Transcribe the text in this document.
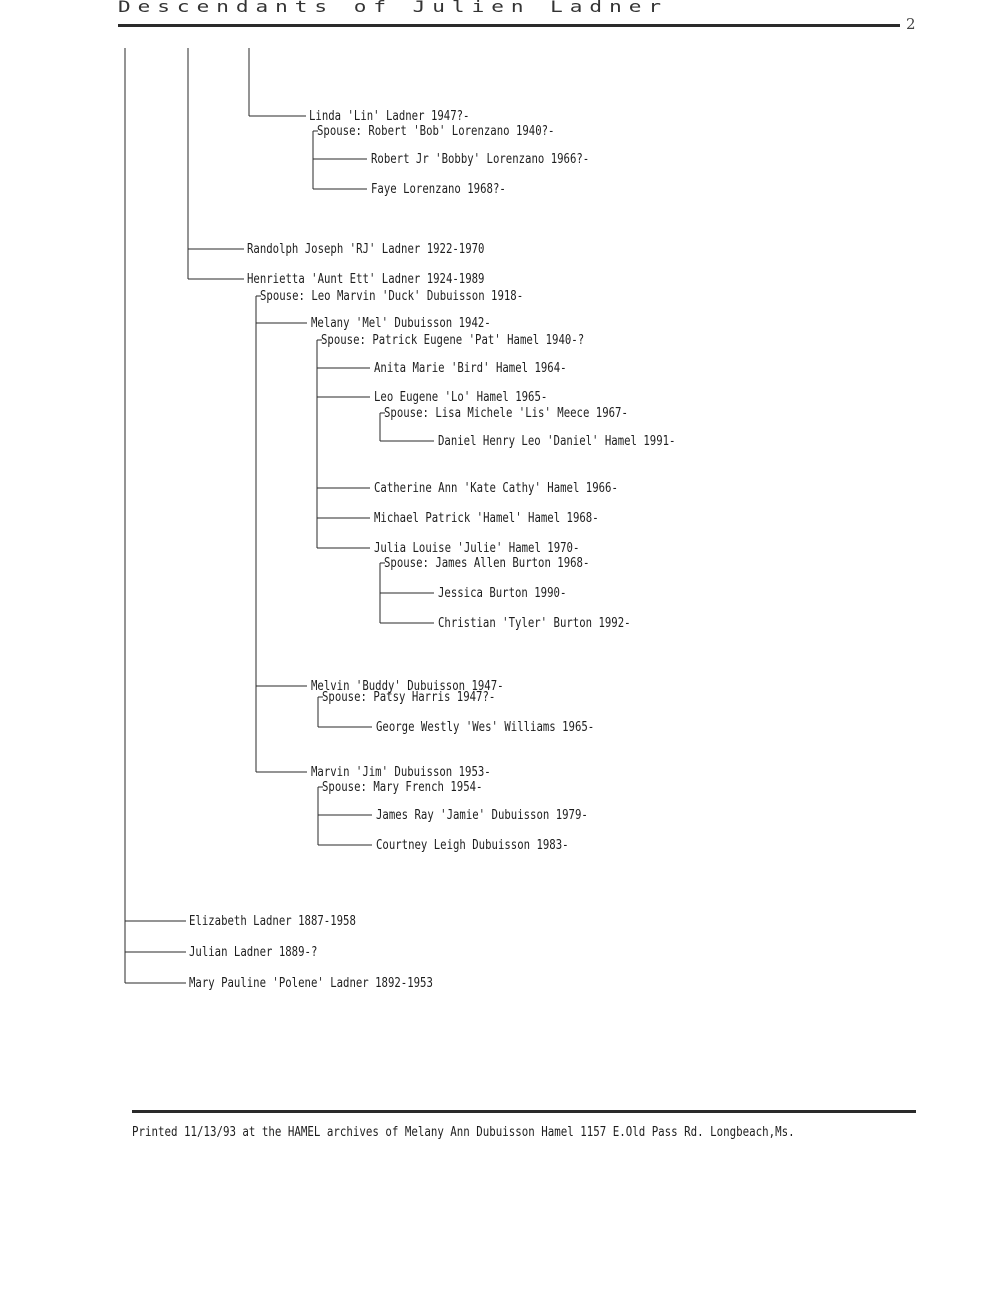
Descendants of Julien Ladner
2
Linda 'Lin' Ladner 1947?-
Spouse: Robert 'Bob' Lorenzano 1940?-
Robert Jr 'Bobby' Lorenzano 1966?-
Faye Lorenzano 1968?-
Randolph Joseph 'RJ' Ladner 1922-1970
Henrietta 'Aunt Ett' Ladner 1924-1989
Spouse: Leo Marvin 'Duck' Dubuisson 1918-
Melany 'Mel' Dubuisson 1942-
Spouse: Patrick Eugene 'Pat' Hamel 1940-?
Anita Marie 'Bird' Hamel 1964-
Leo Eugene 'Lo' Hamel 1965-
Spouse: Lisa Michele 'Lis' Meece 1967-
Daniel Henry Leo 'Daniel' Hamel 1991-
Catherine Ann 'Kate Cathy' Hamel 1966-
Michael Patrick 'Hamel' Hamel 1968-
Julia Louise 'Julie' Hamel 1970-
Spouse: James Allen Burton 1968-
Jessica Burton 1990-
Christian 'Tyler' Burton 1992-
Melvin 'Buddy' Dubuisson 1947-
Spouse: Patsy Harris 1947?-
George Westly 'Wes' Williams 1965-
Marvin 'Jim' Dubuisson 1953-
Spouse: Mary French 1954-
James Ray 'Jamie' Dubuisson 1979-
Courtney Leigh Dubuisson 1983-
Elizabeth Ladner 1887-1958
Julian Ladner 1889-?
Mary Pauline 'Polene' Ladner 1892-1953
Printed 11/13/93 at the HAMEL archives of Melany Ann Dubuisson Hamel 1157 E.Old Pass Rd. Longbeach,Ms.
